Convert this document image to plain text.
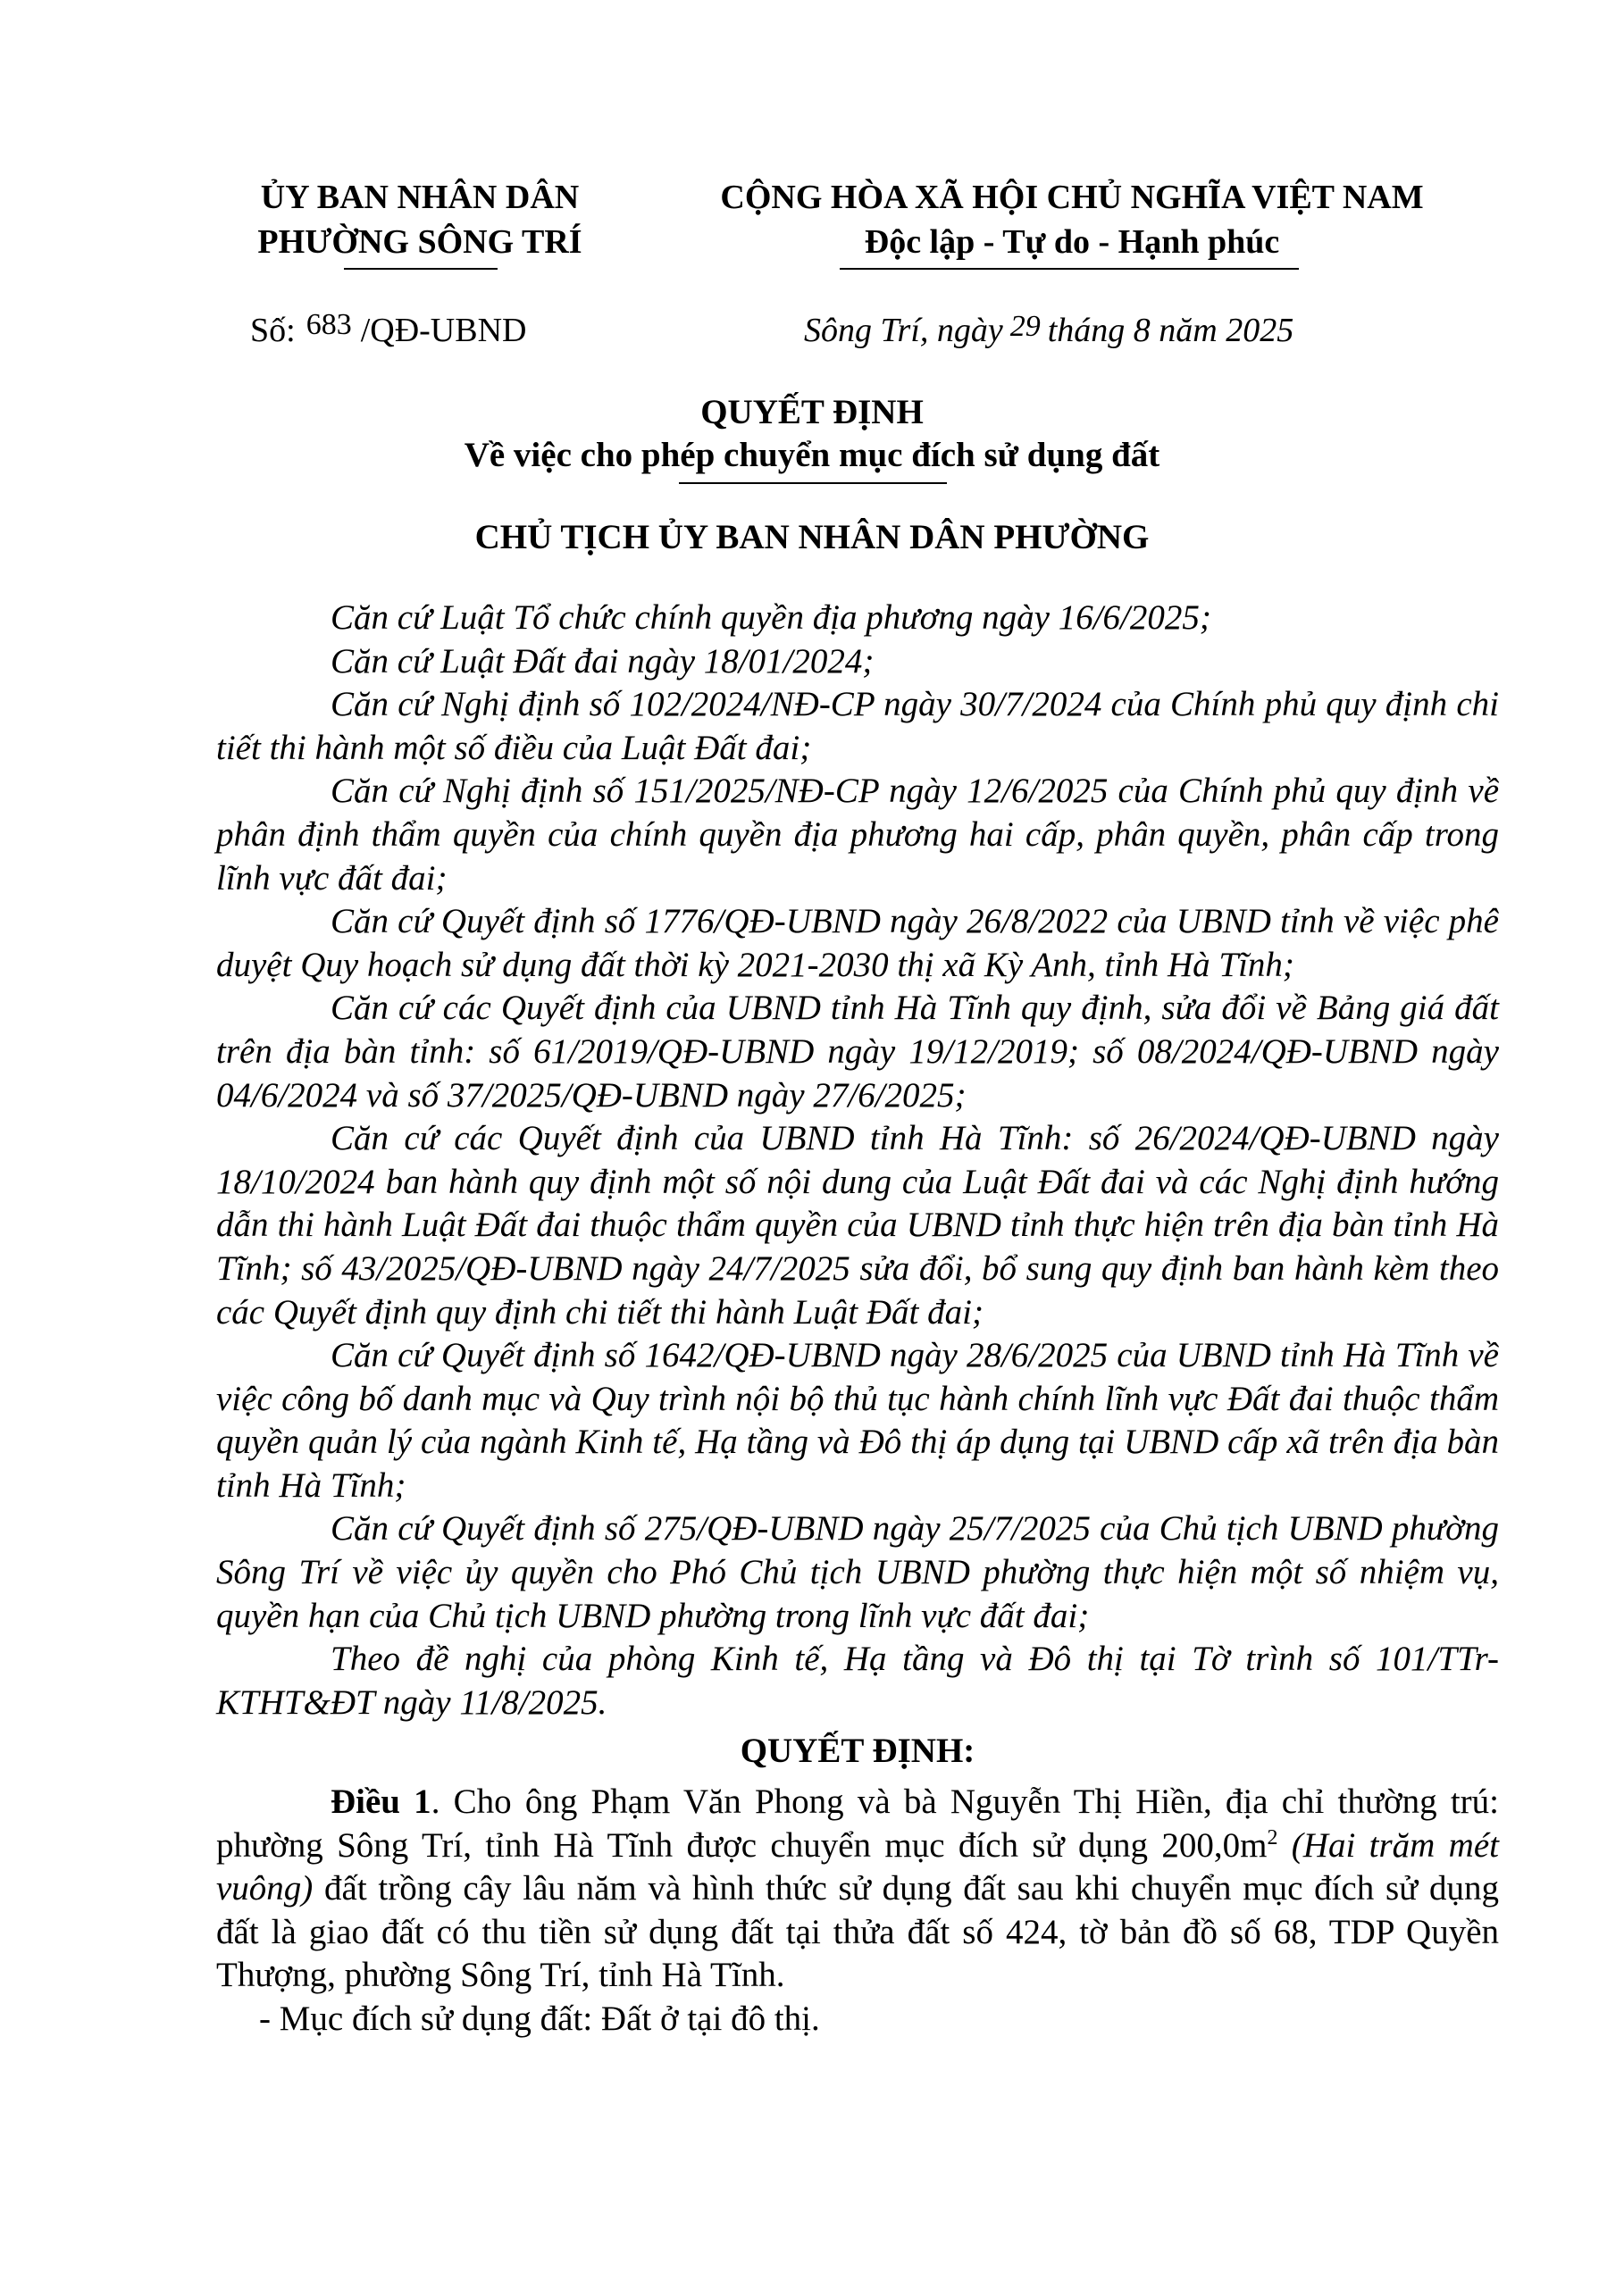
ỦY BAN NHÂN DÂN
PHƯỜNG SÔNG TRÍ
CỘNG HÒA XÃ HỘI CHỦ NGHĨA VIỆT NAM
Độc lập - Tự do - Hạnh phúc
Số: 683 /QĐ-UBND	Sông Trí, ngày 29 tháng 8 năm 2025
QUYẾT ĐỊNH
Về việc cho phép chuyển mục đích sử dụng đất
CHỦ TỊCH ỦY BAN NHÂN DÂN PHƯỜNG

Căn cứ Luật Tổ chức chính quyền địa phương ngày 16/6/2025;

Căn cứ Luật Đất đai ngày 18/01/2024;

Căn cứ Nghị định số 102/2024/NĐ-CP ngày 30/7/2024 của Chính phủ quy định chi tiết thi hành một số điều của Luật Đất đai;

Căn cứ Nghị định số 151/2025/NĐ-CP ngày 12/6/2025 của Chính phủ quy định về phân định thẩm quyền của chính quyền địa phương hai cấp, phân quyền, phân cấp trong lĩnh vực đất đai;

Căn cứ Quyết định số 1776/QĐ-UBND ngày 26/8/2022 của UBND tỉnh về việc phê duyệt Quy hoạch sử dụng đất thời kỳ 2021-2030 thị xã Kỳ Anh, tỉnh Hà Tĩnh;

Căn cứ các Quyết định của UBND tỉnh Hà Tĩnh quy định, sửa đổi về Bảng giá đất trên địa bàn tỉnh: số 61/2019/QĐ-UBND ngày 19/12/2019; số 08/2024/QĐ-UBND ngày 04/6/2024 và số 37/2025/QĐ-UBND ngày 27/6/2025;

Căn cứ các Quyết định của UBND tỉnh Hà Tĩnh: số 26/2024/QĐ-UBND ngày 18/10/2024 ban hành quy định một số nội dung của Luật Đất đai và các Nghị định hướng dẫn thi hành Luật Đất đai thuộc thẩm quyền của UBND tỉnh thực hiện trên địa bàn tỉnh Hà Tĩnh; số 43/2025/QĐ-UBND ngày 24/7/2025 sửa đổi, bổ sung quy định ban hành kèm theo các Quyết định quy định chi tiết thi hành Luật Đất đai;

Căn cứ Quyết định số 1642/QĐ-UBND ngày 28/6/2025 của UBND tỉnh Hà Tĩnh về việc công bố danh mục và Quy trình nội bộ thủ tục hành chính lĩnh vực Đất đai thuộc thẩm quyền quản lý của ngành Kinh tế, Hạ tầng và Đô thị áp dụng tại UBND cấp xã trên địa bàn tỉnh Hà Tĩnh;

Căn cứ Quyết định số 275/QĐ-UBND ngày 25/7/2025 của Chủ tịch UBND phường Sông Trí về việc ủy quyền cho Phó Chủ tịch UBND phường thực hiện một số nhiệm vụ, quyền hạn của Chủ tịch UBND phường trong lĩnh vực đất đai;

Theo đề nghị của phòng Kinh tế, Hạ tầng và Đô thị tại Tờ trình số 101/TTr-KTHT&ĐT ngày 11/8/2025.

QUYẾT ĐỊNH:

Điều 1. Cho ông Phạm Văn Phong và bà Nguyễn Thị Hiền, địa chỉ thường trú: phường Sông Trí, tỉnh Hà Tĩnh được chuyển mục đích sử dụng $200,0m^2$ (Hai trăm mét vuông) đất trồng cây lâu năm và hình thức sử dụng đất sau khi chuyển mục đích sử dụng đất là giao đất có thu tiền sử dụng đất tại thửa đất số 424, tờ bản đồ số 68, TDP Quyền Thượng, phường Sông Trí, tỉnh Hà Tĩnh.

- Mục đích sử dụng đất: Đất ở tại đô thị.
